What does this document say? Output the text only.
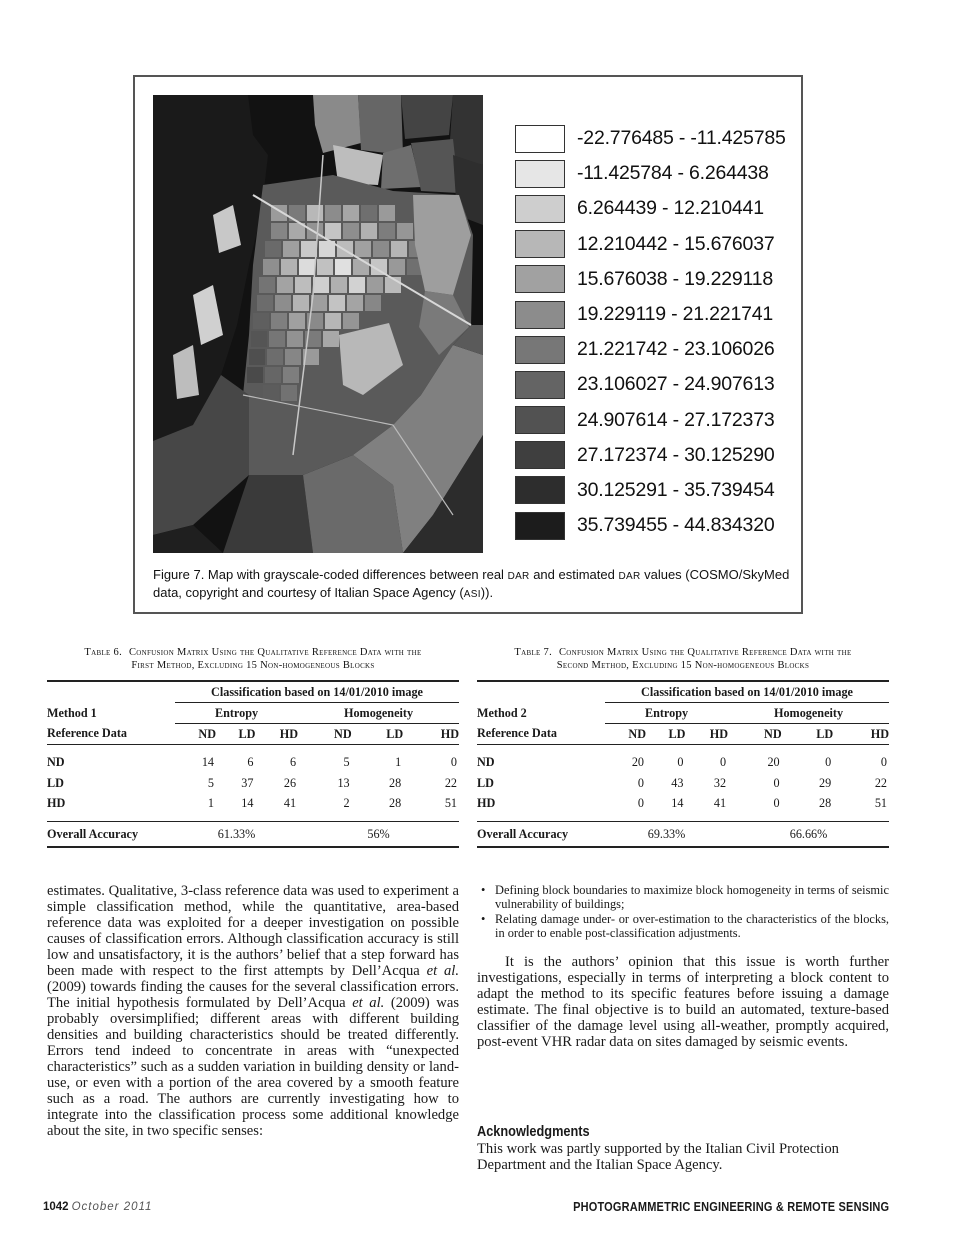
-22.776485 - -11.425785
-11.425784 - 6.264438
6.264439 - 12.210441
12.210442 - 15.676037
15.676038 - 19.229118
19.229119 - 21.221741
21.221742 - 23.106026
23.106027 - 24.907613
24.907614 - 27.172373
27.172374 - 30.125290
30.125291 - 35.739454
35.739455 - 44.834320
Figure 7. Map with grayscale-coded differences between real DAR and estimated DAR values (COSMO/SkyMed data, copyright and courtesy of Italian Space Agency (ASI)).
Table 6. Confusion Matrix Using the Qualitative Reference Data with the
First Method, Excluding 15 Non-homogeneous Blocks
	Classification based on 14/01/2010 image					
Method 1	Entropy			Homogeneity		
Reference Data	ND	LD	HD	ND	LD	HD
ND	14	6	6	5	1	0
LD	5	37	26	13	28	22
HD	1	14	41	2	28	51
Overall Accuracy	61.33%			56%		
Table 7. Confusion Matrix Using the Qualitative Reference Data with the
Second Method, Excluding 15 Non-homogeneous Blocks
	Classification based on 14/01/2010 image					
Method 2	Entropy			Homogeneity		
Reference Data	ND	LD	HD	ND	LD	HD
ND	20	0	0	20	0	0
LD	0	43	32	0	29	22
HD	0	14	41	0	28	51
Overall Accuracy	69.33%			66.66%		

estimates. Qualitative, 3-class reference data was used to experiment a simple classification method, while the quantitative, area-based reference data was exploited for a deeper investigation on possible causes of classification errors. Although classification accuracy is still low and unsatisfactory, it is the authors’ belief that a step forward has been made with respect to the first attempts by Dell’Acqua et al. (2009) towards finding the causes for the several classification errors. The initial hypothesis formulated by Dell’Acqua et al. (2009) was probably oversimplified; different areas with different building densities and building characteristics should be treated differently. Errors tend indeed to concentrate in areas with “unexpected characteristics” such as a sudden variation in building density or land-use, or even with a portion of the area covered by a smooth feature such as a road. The authors are currently investigating how to integrate into the classification process some additional knowledge about the site, in two specific senses:

• Defining block boundaries to maximize block homogeneity in terms of seismic vulnerability of buildings;
• Relating damage under- or over-estimation to the characteristics of the blocks, in order to enable post-classification adjustments.

It is the authors’ opinion that this issue is worth further investigations, especially in terms of interpreting a block content to adapt the method to its specific features before issuing a damage estimate. The final objective is to build an automated, texture-based classifier of the damage level using all-weather, promptly acquired, post-event VHR radar data on sites damaged by seismic events.

Acknowledgments
This work was partly supported by the Italian Civil Protection Department and the Italian Space Agency.
1042 October 2011	PHOTOGRAMMETRIC ENGINEERING & REMOTE SENSING
